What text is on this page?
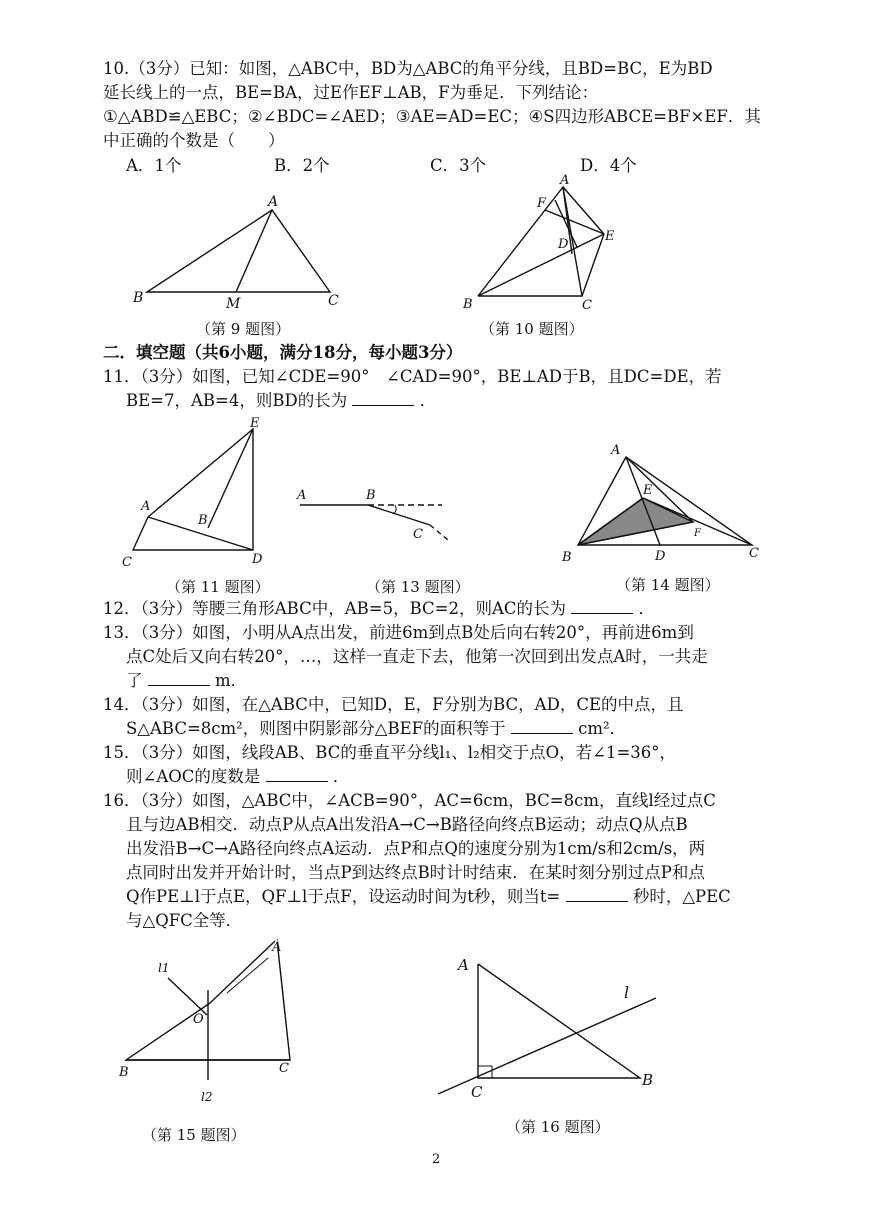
10.（3分）已知：如图，△ABC中，BD为△ABC的角平分线，且BD=BC，E为BD
延长线上的一点，BE=BA，过E作EF⊥AB，F为垂足．下列结论：
①△ABD≌△EBC；②∠BDC=∠AED；③AE=AD=EC；④S四边形ABCE=BF×EF．其
中正确的个数是（　　）
A．1个	B．2个	C．3个	D．4个
A
B	M	C
A
F
D
E
B	C
E
A
B
C	D
A	B
C
A
E
F
B	D	C
A
l1
O
B	C
l2
A
l
C
B
（第 9 题图）	（第 10 题图）
二．填空题（共6小题，满分18分，每小题3分）
11．（3分）如图，已知∠CDE=90°　∠CAD=90°，BE⊥AD于B，且DC=DE，若
BE=7，AB=4，则BD的长为	．
（第 11 题图）	（第 13 题图）	（第 14 题图）
12．（3分）等腰三角形ABC中，AB=5，BC=2，则AC的长为	．
13．（3分）如图，小明从A点出发，前进6m到点B处后向右转20°，再前进6m到
点C处后又向右转20°，…，这样一直走下去，他第一次回到出发点A时，一共走
了	m．
14．（3分）如图，在△ABC中，已知D，E，F分别为BC，AD，CE的中点，且
S△ABC=8cm²，则图中阴影部分△BEF的面积等于	cm²．
15．（3分）如图，线段AB、BC的垂直平分线l₁、l₂相交于点O，若∠1=36°，
则∠AOC的度数是	．
16．（3分）如图，△ABC中，∠ACB=90°，AC=6cm，BC=8cm，直线l经过点C
且与边AB相交．动点P从点A出发沿A→C→B路径向终点B运动；动点Q从点B
出发沿B→C→A路径向终点A运动．点P和点Q的速度分别为1cm/s和2cm/s，两
点同时出发并开始计时，当点P到达终点B时计时结束．在某时刻分别过点P和点
Q作PE⊥l于点E，QF⊥l于点F，设运动时间为t秒，则当t=	秒时，△PEC
与△QFC全等．
（第 15 题图）	（第 16 题图）
2
